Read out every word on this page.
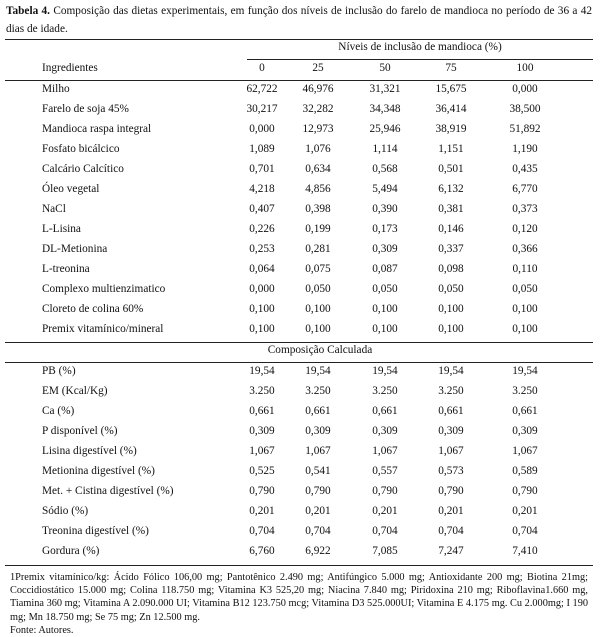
Tabela 4. Composição das dietas experimentais, em função dos níveis de inclusão do farelo de mandioca no período de 36 a 42 dias de idade.
Níveis de inclusão de mandioca (%)
Ingredientes	0	25	50	75	100
Milho	62,722	46,976	31,321	15,675	0,000
Farelo de soja 45%	30,217	32,282	34,348	36,414	38,500
Mandioca raspa integral	0,000	12,973	25,946	38,919	51,892
Fosfato bicálcico	1,089	1,076	1,114	1,151	1,190
Calcário Calcítico	0,701	0,634	0,568	0,501	0,435
Óleo vegetal	4,218	4,856	5,494	6,132	6,770
NaCl	0,407	0,398	0,390	0,381	0,373
L-Lisina	0,226	0,199	0,173	0,146	0,120
DL-Metionina	0,253	0,281	0,309	0,337	0,366
L-treonina	0,064	0,075	0,087	0,098	0,110
Complexo multienzimatico	0,000	0,050	0,050	0,050	0,050
Cloreto de colina 60%	0,100	0,100	0,100	0,100	0,100
Premix vitamínico/mineral	0,100	0,100	0,100	0,100	0,100
Composição Calculada
PB (%)	19,54	19,54	19,54	19,54	19,54
EM (Kcal/Kg)	3.250	3.250	3.250	3.250	3.250
Ca (%)	0,661	0,661	0,661	0,661	0,661
P disponível (%)	0,309	0,309	0,309	0,309	0,309
Lisina digestível (%)	1,067	1,067	1,067	1,067	1,067
Metionina digestível (%)	0,525	0,541	0,557	0,573	0,589
Met. + Cistina digestível (%)	0,790	0,790	0,790	0,790	0,790
Sódio (%)	0,201	0,201	0,201	0,201	0,201
Treonina digestível (%)	0,704	0,704	0,704	0,704	0,704
Gordura (%)	6,760	6,922	7,085	7,247	7,410
1Premix vitamínico/kg: Ácido Fólico 106,00 mg; Pantotênico 2.490 mg; Antifúngico 5.000 mg; Antioxidante 200 mg; Biotina 21mg; Coccidiostático 15.000 mg; Colina 118.750 mg; Vitamina K3 525,20 mg; Niacina 7.840 mg; Piridoxina 210 mg; Riboflavina1.660 mg, Tiamina 360 mg; Vitamina A 2.090.000 UI; Vitamina B12 123.750 mcg; Vitamina D3 525.000UI; Vitamina E 4.175 mg. Cu 2.000mg; I 190 mg; Mn 18.750 mg; Se 75 mg; Zn 12.500 mg.
Fonte: Autores.
